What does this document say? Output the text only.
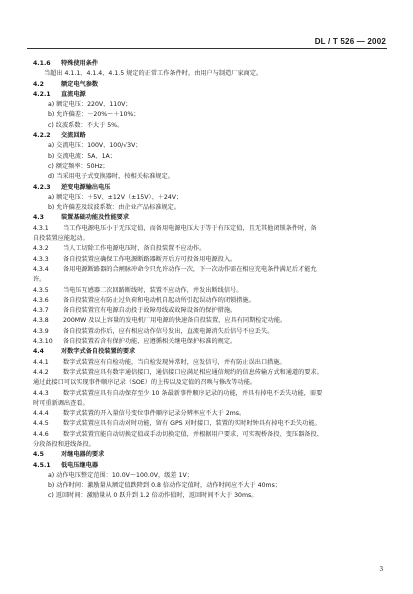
DL / T 526 — 2002
4.1.6 特殊使用条件
当超出 4.1.1、4.1.4、4.1.5 规定的正常工作条件时，由用户与制造厂家商定。
4.2	额定电气参数
4.2.1 直流电源
a) 额定电压：220V、110V；
b) 允许偏差：－20%～＋10%；
c) 纹波系数：不大于 5%。
4.2.2 交流回路
a) 交流电压：100V、100/√3V；
b) 交流电流：5A、1A；
c) 额定频率：50Hz；
d) 当采用电子式变换器时，按相关标准规定。
4.2.3 逆变电源输出电压
a) 额定电压：＋5V、±12V（±15V）、＋24V；
b) 允许偏差及纹波系数：由企业产品标准规定。
4.3	装置基础功能及性能要求
4.3.1 当工作电源电压小于无压定值，而备用电源电压大于等于有压定值，且无其他闭锁条件时，备
自投装置应能起动。
4.3.2 当人工切除工作电源电压时，备自投装置不应动作。
4.3.3 备自投装置应确保工作电源断路器断开后方可投备用电源投入。
4.3.4 备用电源断路器的合闸脉冲命令只允许动作一次，下一次动作需在相应充电条件满足后才能允
许。
4.3.5 当电压互感器二次回路断线时，装置不应动作，并发出断线信号。
4.3.6 备自投装置应有防止过负荷和电动机自起动所引起误动作的闭锁措施。
4.3.7 备自投装置宜有电源自动投于故障母线或故障设备的保护措施。
4.3.8 200MW 及以上容量的发电机厂用电源的快速备自投装置，应具有同期检定功能。
4.3.9 备自投装置动作后，应有相应动作信号发出，直流电源消失后信号不应丢失。
4.3.10 备自投装置若含有保护功能，应遵循相关继电保护标准的规定。
4.4	对数字式备自投装置的要求
4.4.1 数字式装置应有自检功能，当自检发现异常时，应发信号，并有防止误出口措施。
4.4.2 数字式装置应具有数字通信接口，通信接口应满足相应通信规约的信息传输方式和通道的要求。
通过此接口可以实现事件顺序记录（SOE）的上传以及定值的召唤与修改等功能。
4.4.3 数字式装置应具有自动保存至少 10 条最新事件顺序记录的功能，并具有掉电不丢失功能，需要
时可重新调出查看。
4.4.4 数字式装置的开入量信号变位事件顺序记录分辨率应不大于 2ms。
4.4.5 数字式装置应具有自动对时功能，留有 GPS 对时接口，装置的实时时钟具有掉电不丢失功能。
4.4.6 数字式装置宜能自动切换定值或手动切换定值，并根据用户要求，可实现桥备投、变压器备投、
分段备投和进线备投。
4.5	对继电器的要求
4.5.1 低电压继电器
a) 动作电压整定范围：10.0V～100.0V，级差 1V；
b) 动作时间：激励量从额定值跌降到 0.8 倍动作定值时，动作时间应不大于 40ms；
c) 返回时间：激励量从 0 跃升到 1.2 倍动作值时，返回时间不大于 30ms。
3
